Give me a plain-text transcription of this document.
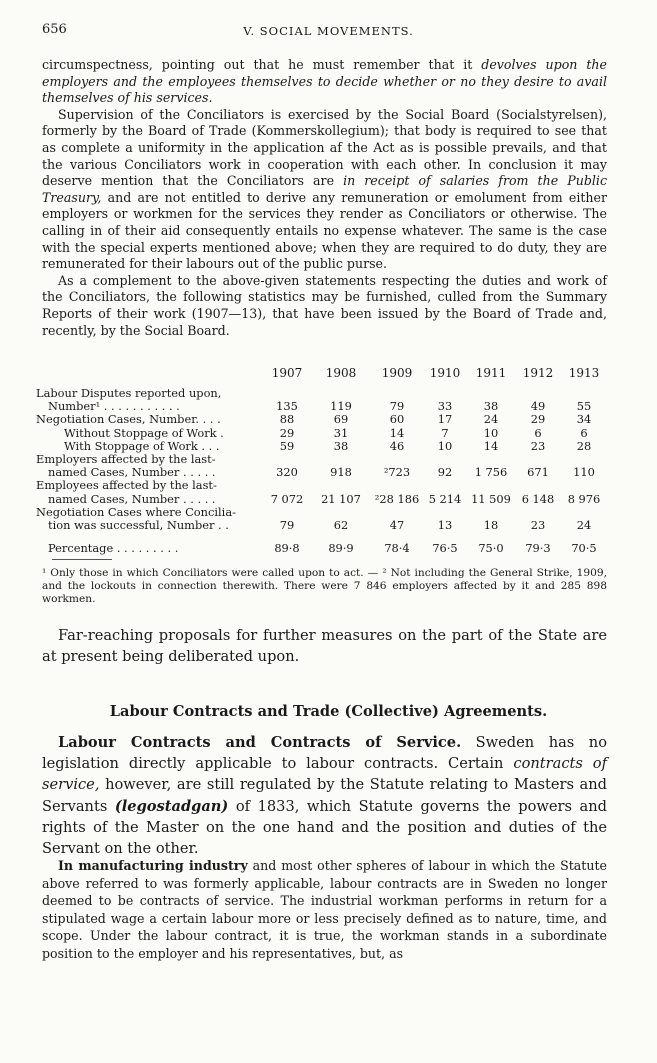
656	V. SOCIAL MOVEMENTS.

circumspectness, pointing out that he must remember that it devolves upon the employers and the employees themselves to decide whether or no they desire to avail themselves of his services.

Supervision of the Conciliators is exercised by the Social Board (Socialstyrelsen), formerly by the Board of Trade (Kommerskollegium); that body is required to see that as complete a uniformity in the application af the Act as is possible prevails, and that the various Conciliators work in cooperation with each other. In conclusion it may deserve mention that the Conciliators are in receipt of salaries from the Public Treasury, and are not entitled to derive any remuneration or emolument from either employers or workmen for the services they render as Conciliators or otherwise. The calling in of their aid consequently entails no expense whatever. The same is the case with the special experts mentioned above; when they are required to do duty, they are remunerated for their labours out of the public purse.

As a complement to the above-given statements respecting the duties and work of the Conciliators, the following statistics may be furnished, culled from the Summary Reports of their work (1907—13), that have been issued by the Board of Trade and, recently, by the Social Board.

	1907	1908	1909	1910	1911	1912	1913
Labour Disputes reported upon,
Number¹ . . . . . . . . . . .	135	119	79	33	38	49	55
Negotiation Cases, Number. . . .	88	69	60	17	24	29	34
Without Stoppage of Work .	29	31	14	7	10	6	6
With Stoppage of Work . . .	59	38	46	10	14	23	28
Employers affected by the last-
named Cases, Number . . . . .	320	918	²723	92	1 756	671	110
Employees affected by the last-
named Cases, Number . . . . .	7 072	21 107	²28 186	5 214	11 509	6 148	8 976
Negotiation Cases where Concilia-
tion was successful, Number . .	79	62	47	13	18	23	24
Percentage . . . . . . . . .	89·8	89·9	78·4	76·5	75·0	79·3	70·5
¹ Only those in which Conciliators were called upon to act. — ² Not including the General Strike, 1909, and the lockouts in connection therewith. There were 7 846 employers affected by it and 285 898 workmen.

Far-reaching proposals for further measures on the part of the State are at present being deliberated upon.

Labour Contracts and Trade (Collective) Agreements.

Labour Contracts and Contracts of Service. Sweden has no legislation directly applicable to labour contracts. Certain contracts of service, however, are still regulated by the Statute relating to Masters and Servants (legostadgan) of 1833, which Statute governs the powers and rights of the Master on the one hand and the position and duties of the Servant on the other.

In manufacturing industry and most other spheres of labour in which the Statute above referred to was formerly applicable, labour contracts are in Sweden no longer deemed to be contracts of service. The industrial workman performs in return for a stipulated wage a certain labour more or less precisely defined as to nature, time, and scope. Under the labour contract, it is true, the workman stands in a subordinate position to the employer and his representatives, but, as
